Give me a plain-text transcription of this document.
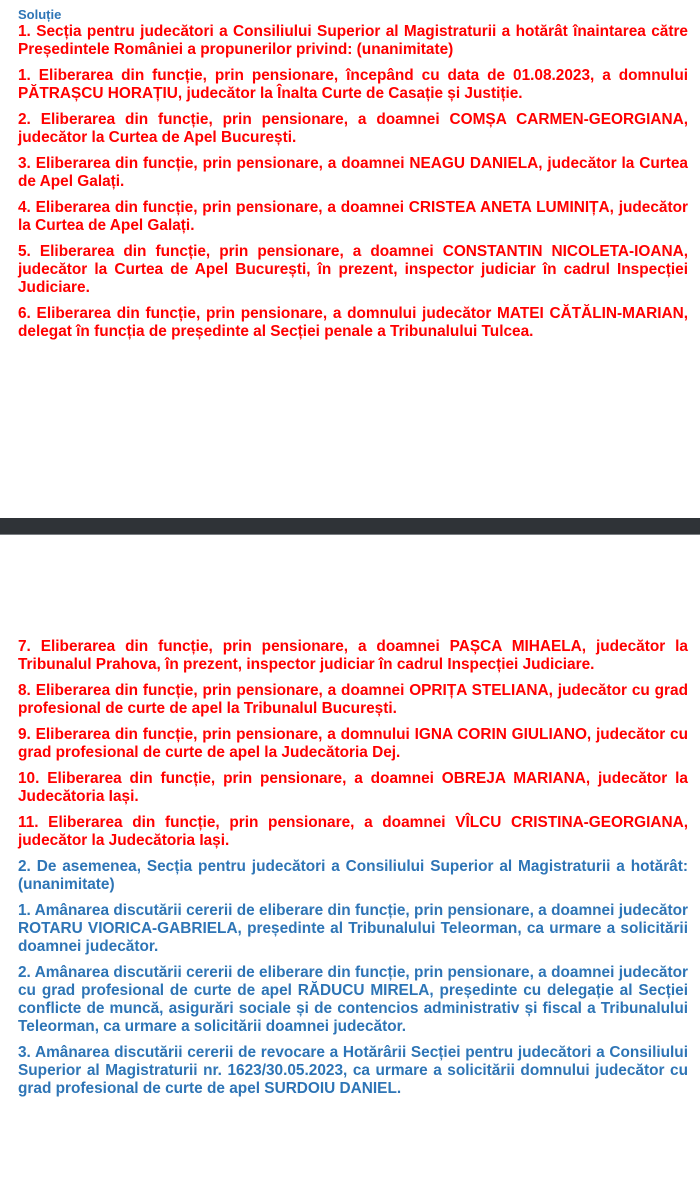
Soluție

1. Secția pentru judecători a Consiliului Superior al Magistraturii a hotărât înaintarea către Președintele României a propunerilor privind: (unanimitate)

1. Eliberarea din funcție, prin pensionare, începând cu data de 01.08.2023, a domnului PĂTRAȘCU HORAȚIU, judecător la Înalta Curte de Casație și Justiție.

2. Eliberarea din funcție, prin pensionare, a doamnei COMȘA CARMEN-GEORGIANA, judecător la Curtea de Apel București.

3. Eliberarea din funcție, prin pensionare, a doamnei NEAGU DANIELA, judecător la Curtea de Apel Galați.

4. Eliberarea din funcție, prin pensionare, a doamnei CRISTEA ANETA LUMINIȚA, judecător la Curtea de Apel Galați.

5. Eliberarea din funcție, prin pensionare, a doamnei CONSTANTIN NICOLETA-IOANA, judecător la Curtea de Apel București, în prezent, inspector judiciar în cadrul Inspecției Judiciare.

6. Eliberarea din funcție, prin pensionare, a domnului judecător MATEI CĂTĂLIN-MARIAN, delegat în funcția de președinte al Secției penale a Tribunalului Tulcea.

7. Eliberarea din funcție, prin pensionare, a doamnei PAȘCA MIHAELA, judecător la Tribunalul Prahova, în prezent, inspector judiciar în cadrul Inspecției Judiciare.

8. Eliberarea din funcție, prin pensionare, a doamnei OPRIȚA STELIANA, judecător cu grad profesional de curte de apel la Tribunalul București.

9. Eliberarea din funcție, prin pensionare, a domnului IGNA CORIN GIULIANO, judecător cu grad profesional de curte de apel la Judecătoria Dej.

10. Eliberarea din funcție, prin pensionare, a doamnei OBREJA MARIANA, judecător la Judecătoria Iași.

11. Eliberarea din funcție, prin pensionare, a doamnei VÎLCU CRISTINA-GEORGIANA, judecător la Judecătoria Iași.

2. De asemenea, Secția pentru judecători a Consiliului Superior al Magistraturii a hotărât: (unanimitate)

1. Amânarea discutării cererii de eliberare din funcție, prin pensionare, a doamnei judecător ROTARU VIORICA-GABRIELA, președinte al Tribunalului Teleorman, ca urmare a solicitării doamnei judecător.

2. Amânarea discutării cererii de eliberare din funcție, prin pensionare, a doamnei judecător cu grad profesional de curte de apel RĂDUCU MIRELA, președinte cu delegație al Secției conflicte de muncă, asigurări sociale și de contencios administrativ și fiscal a Tribunalului Teleorman, ca urmare a solicitării doamnei judecător.

3. Amânarea discutării cererii de revocare a Hotărârii Secției pentru judecători a Consiliului Superior al Magistraturii nr. 1623/30.05.2023, ca urmare a solicitării domnului judecător cu grad profesional de curte de apel SURDOIU DANIEL.
